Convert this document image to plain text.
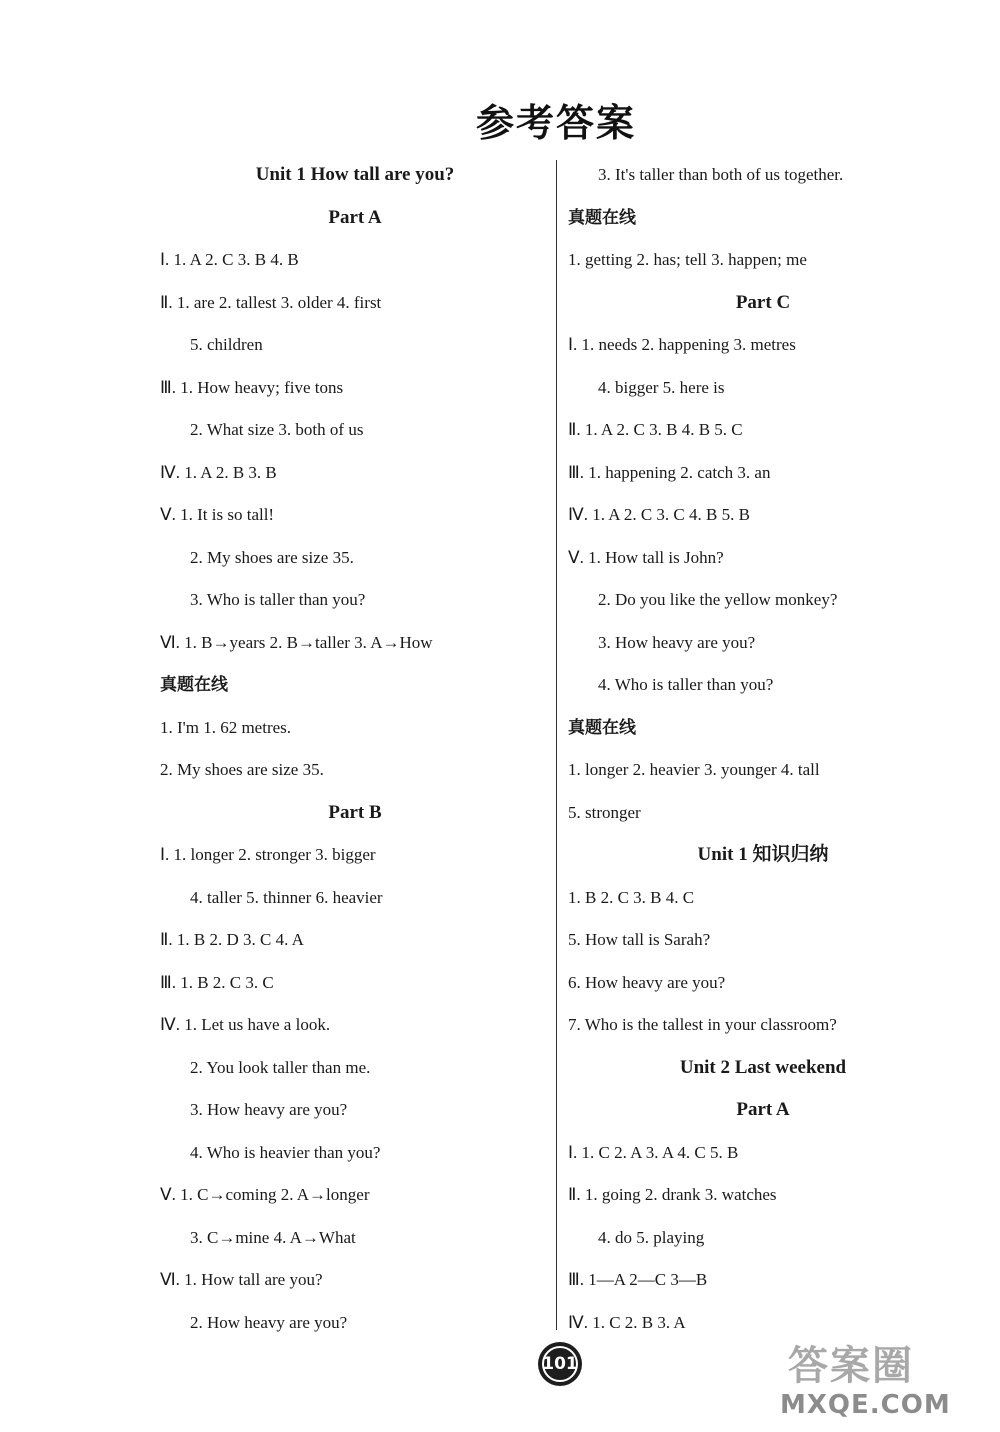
参考答案
Unit 1 How tall are you?
Part A
Ⅰ. 1. A 2. C 3. B 4. B
Ⅱ. 1. are 2. tallest 3. older 4. first
5. children
Ⅲ. 1. How heavy; five tons
2. What size 3. both of us
Ⅳ. 1. A 2. B 3. B
Ⅴ. 1. It is so tall!
2. My shoes are size 35.
3. Who is taller than you?
Ⅵ. 1. B→years 2. B→taller 3. A→How
真题在线
1. I'm 1. 62 metres.
2. My shoes are size 35.
Part B
Ⅰ. 1. longer 2. stronger 3. bigger
4. taller 5. thinner 6. heavier
Ⅱ. 1. B 2. D 3. C 4. A
Ⅲ. 1. B 2. C 3. C
Ⅳ. 1. Let us have a look.
2. You look taller than me.
3. How heavy are you?
4. Who is heavier than you?
Ⅴ. 1. C→coming 2. A→longer
3. C→mine 4. A→What
Ⅵ. 1. How tall are you?
2. How heavy are you?
3. It's taller than both of us together.
真题在线
1. getting 2. has; tell 3. happen; me
Part C
Ⅰ. 1. needs 2. happening 3. metres
4. bigger 5. here is
Ⅱ. 1. A 2. C 3. B 4. B 5. C
Ⅲ. 1. happening 2. catch 3. an
Ⅳ. 1. A 2. C 3. C 4. B 5. B
Ⅴ. 1. How tall is John?
2. Do you like the yellow monkey?
3. How heavy are you?
4. Who is taller than you?
真题在线
1. longer 2. heavier 3. younger 4. tall
5. stronger
Unit 1 知识归纳
1. B 2. C 3. B 4. C
5. How tall is Sarah?
6. How heavy are you?
7. Who is the tallest in your classroom?
Unit 2 Last weekend
Part A
Ⅰ. 1. C 2. A 3. A 4. C 5. B
Ⅱ. 1. going 2. drank 3. watches
4. do 5. playing
Ⅲ. 1—A 2—C 3—B
Ⅳ. 1. C 2. B 3. A
101	答案圈
MXQE.COM
